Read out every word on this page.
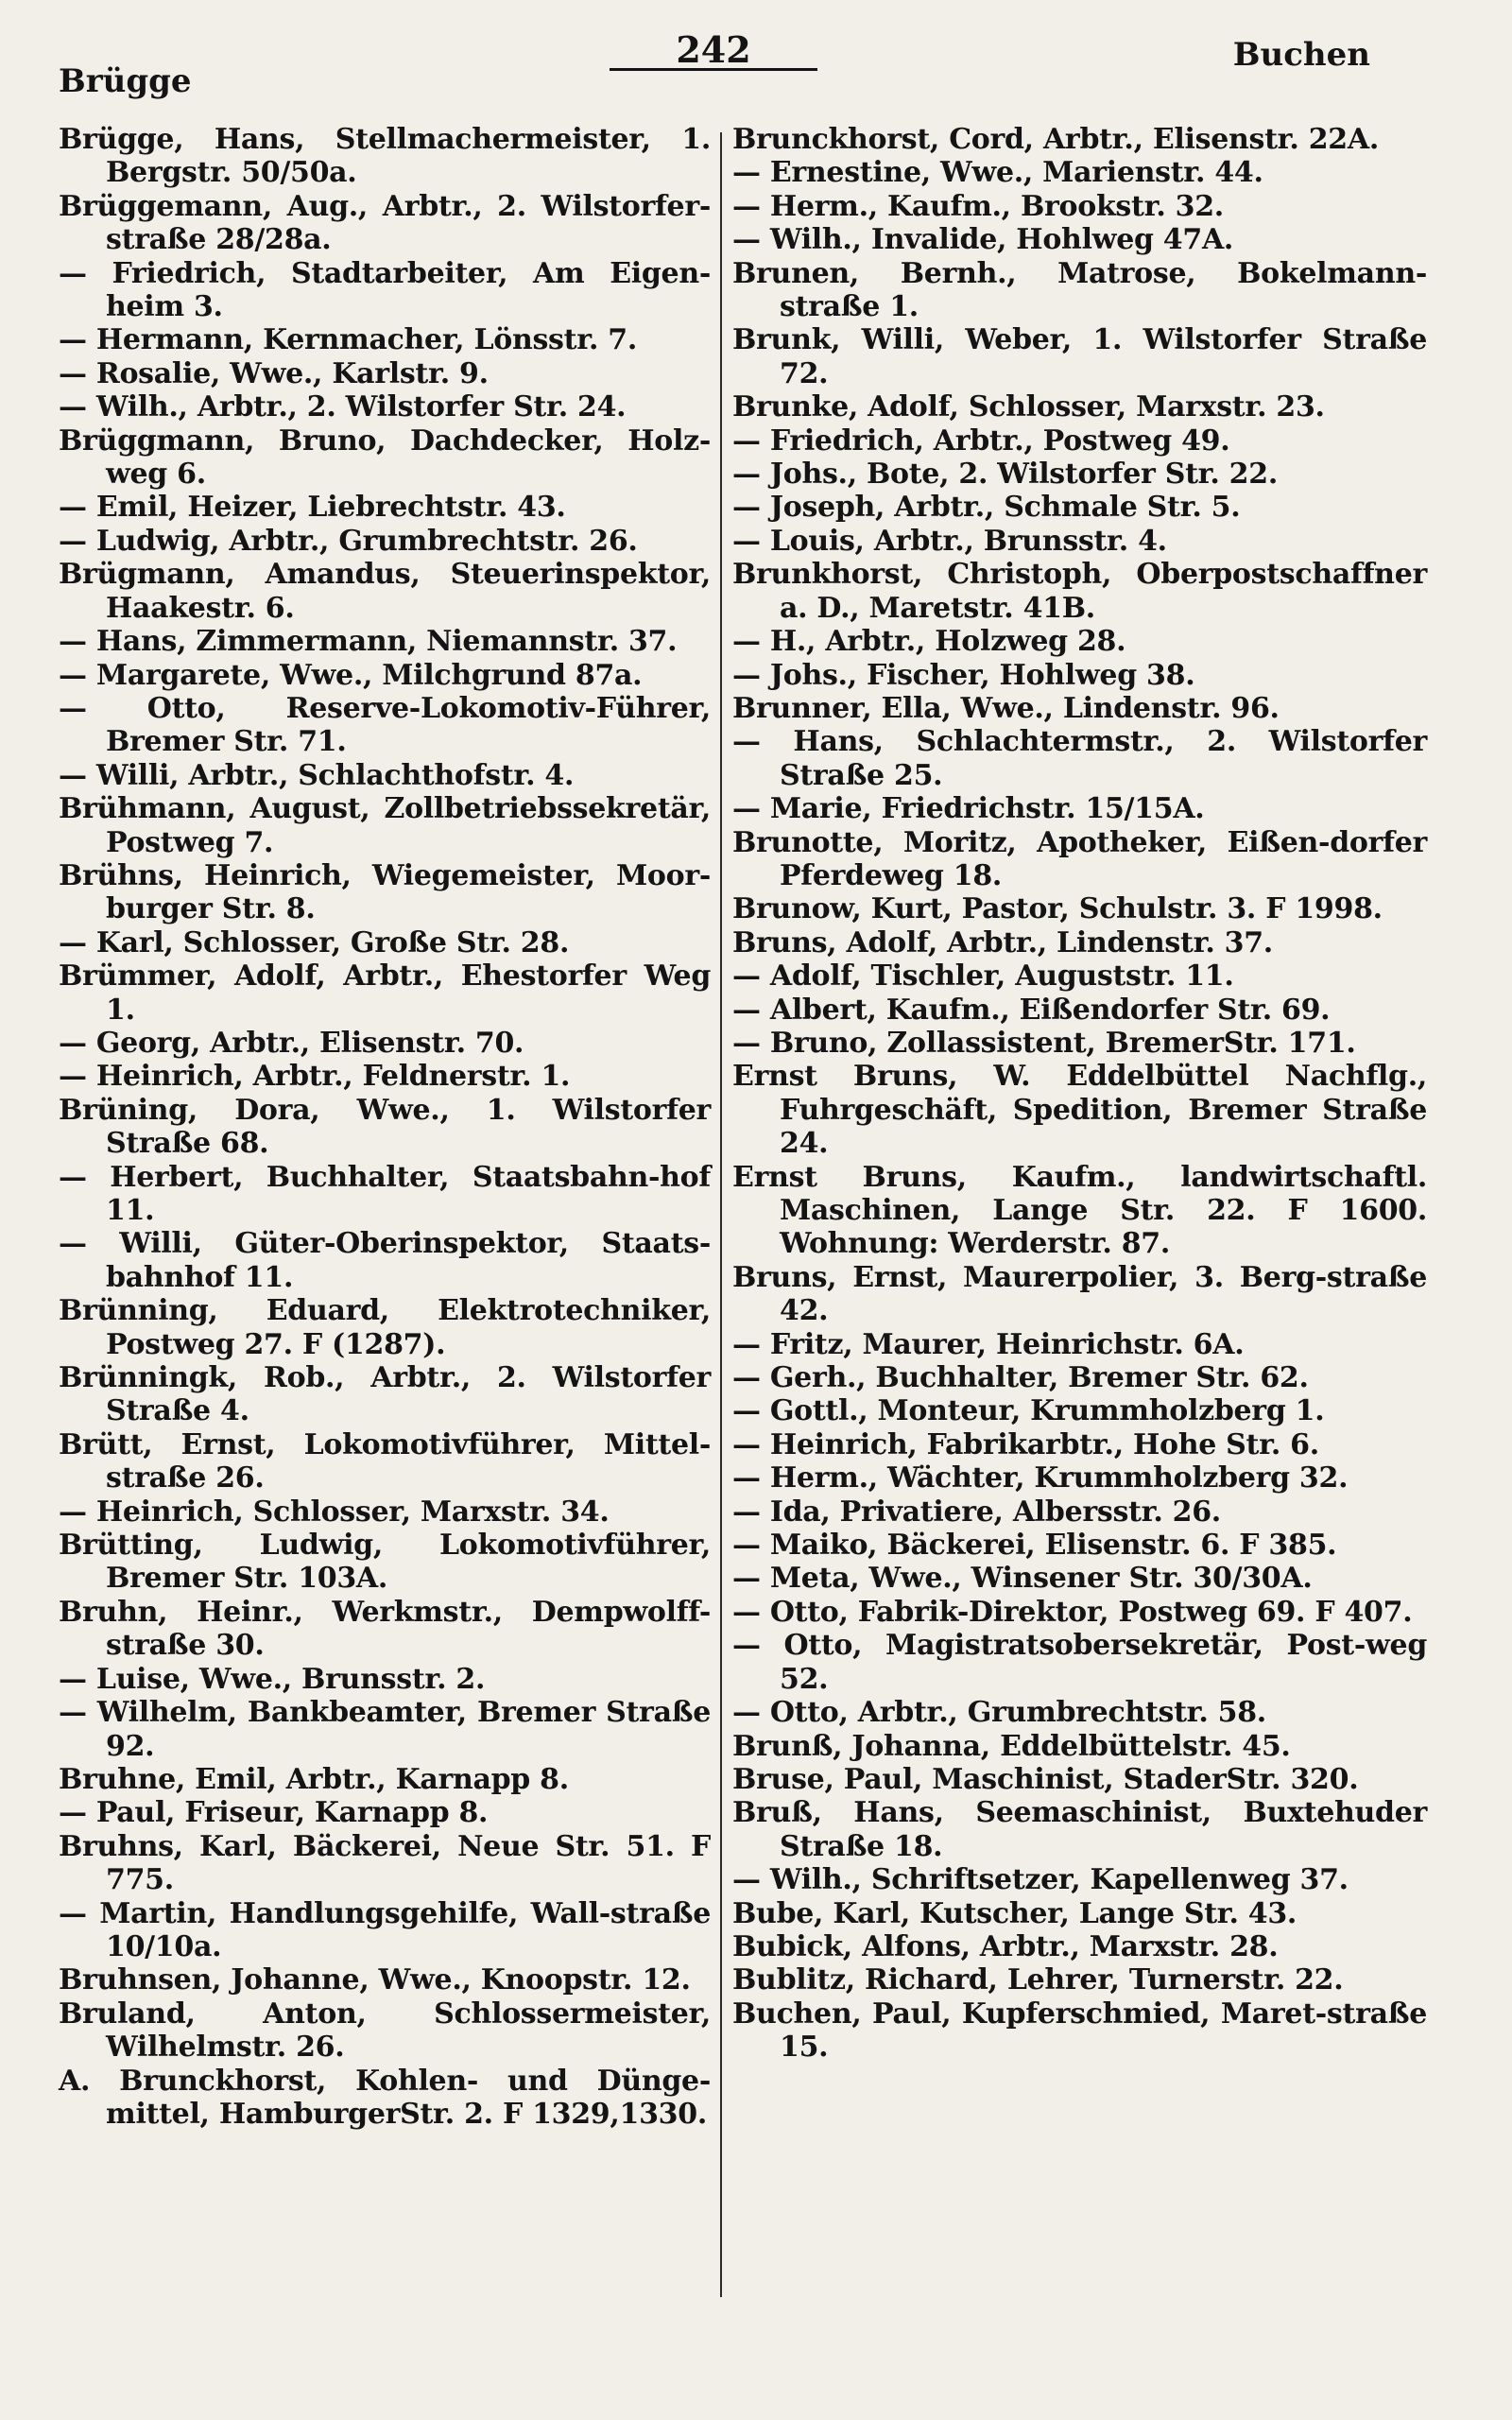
Brügge
242	Buchen

Brügge, Hans, Stellmachermeister, 1. Bergstr. 50/50a.

Brüggemann, Aug., Arbtr., 2. Wilstorfer-straße 28/28a.

— Friedrich, Stadtarbeiter, Am Eigen-heim 3.

— Hermann, Kernmacher, Lönsstr. 7.

— Rosalie, Wwe., Karlstr. 9.

— Wilh., Arbtr., 2. Wilstorfer Str. 24.

Brüggmann, Bruno, Dachdecker, Holz-weg 6.

— Emil, Heizer, Liebrechtstr. 43.

— Ludwig, Arbtr., Grumbrechtstr. 26.

Brügmann, Amandus, Steuerinspektor, Haakestr. 6.

— Hans, Zimmermann, Niemannstr. 37.

— Margarete, Wwe., Milchgrund 87a.

— Otto, Reserve-Lokomotiv-Führer, Bremer Str. 71.

— Willi, Arbtr., Schlachthofstr. 4.

Brühmann, August, Zollbetriebssekretär, Postweg 7.

Brühns, Heinrich, Wiegemeister, Moor-burger Str. 8.

— Karl, Schlosser, Große Str. 28.

Brümmer, Adolf, Arbtr., Ehestorfer Weg 1.

— Georg, Arbtr., Elisenstr. 70.

— Heinrich, Arbtr., Feldnerstr. 1.

Brüning, Dora, Wwe., 1. Wilstorfer Straße 68.

— Herbert, Buchhalter, Staatsbahn-hof 11.

— Willi, Güter-Oberinspektor, Staats-bahnhof 11.

Brünning, Eduard, Elektrotechniker, Postweg 27. F (1287).

Brünningk, Rob., Arbtr., 2. Wilstorfer Straße 4.

Brütt, Ernst, Lokomotivführer, Mittel-straße 26.

— Heinrich, Schlosser, Marxstr. 34.

Brütting, Ludwig, Lokomotivführer, Bremer Str. 103A.

Bruhn, Heinr., Werkmstr., Dempwolff-straße 30.

— Luise, Wwe., Brunsstr. 2.

— Wilhelm, Bankbeamter, Bremer Straße 92.

Bruhne, Emil, Arbtr., Karnapp 8.

— Paul, Friseur, Karnapp 8.

Bruhns, Karl, Bäckerei, Neue Str. 51. F 775.

— Martin, Handlungsgehilfe, Wall-straße 10/10a.

Bruhnsen, Johanne, Wwe., Knoopstr. 12.

Bruland, Anton, Schlossermeister, Wilhelmstr. 26.

A. Brunckhorst, Kohlen- und Dünge-mittel, HamburgerStr. 2. F 1329,1330.

Brunckhorst, Cord, Arbtr., Elisenstr. 22A.

— Ernestine, Wwe., Marienstr. 44.

— Herm., Kaufm., Brookstr. 32.

— Wilh., Invalide, Hohlweg 47A.

Brunen, Bernh., Matrose, Bokelmann-straße 1.

Brunk, Willi, Weber, 1. Wilstorfer Straße 72.

Brunke, Adolf, Schlosser, Marxstr. 23.

— Friedrich, Arbtr., Postweg 49.

— Johs., Bote, 2. Wilstorfer Str. 22.

— Joseph, Arbtr., Schmale Str. 5.

— Louis, Arbtr., Brunsstr. 4.

Brunkhorst, Christoph, Oberpostschaffner a. D., Maretstr. 41B.

— H., Arbtr., Holzweg 28.

— Johs., Fischer, Hohlweg 38.

Brunner, Ella, Wwe., Lindenstr. 96.

— Hans, Schlachtermstr., 2. Wilstorfer Straße 25.

— Marie, Friedrichstr. 15/15A.

Brunotte, Moritz, Apotheker, Eißen-dorfer Pferdeweg 18.

Brunow, Kurt, Pastor, Schulstr. 3. F 1998.

Bruns, Adolf, Arbtr., Lindenstr. 37.

— Adolf, Tischler, Auguststr. 11.

— Albert, Kaufm., Eißendorfer Str. 69.

— Bruno, Zollassistent, BremerStr. 171.

Ernst Bruns, W. Eddelbüttel Nachflg., Fuhrgeschäft, Spedition, Bremer Straße 24.

Ernst Bruns, Kaufm., landwirtschaftl. Maschinen, Lange Str. 22. F 1600. Wohnung: Werderstr. 87.

Bruns, Ernst, Maurerpolier, 3. Berg-straße 42.

— Fritz, Maurer, Heinrichstr. 6A.

— Gerh., Buchhalter, Bremer Str. 62.

— Gottl., Monteur, Krummholzberg 1.

— Heinrich, Fabrikarbtr., Hohe Str. 6.

— Herm., Wächter, Krummholzberg 32.

— Ida, Privatiere, Albersstr. 26.

— Maiko, Bäckerei, Elisenstr. 6. F 385.

— Meta, Wwe., Winsener Str. 30/30A.

— Otto, Fabrik-Direktor, Postweg 69. F 407.

— Otto, Magistratsobersekretär, Post-weg 52.

— Otto, Arbtr., Grumbrechtstr. 58.

Brunß, Johanna, Eddelbüttelstr. 45.

Bruse, Paul, Maschinist, StaderStr. 320.

Bruß, Hans, Seemaschinist, Buxtehuder Straße 18.

— Wilh., Schriftsetzer, Kapellenweg 37.

Bube, Karl, Kutscher, Lange Str. 43.

Bubick, Alfons, Arbtr., Marxstr. 28.

Bublitz, Richard, Lehrer, Turnerstr. 22.

Buchen, Paul, Kupferschmied, Maret-straße 15.
